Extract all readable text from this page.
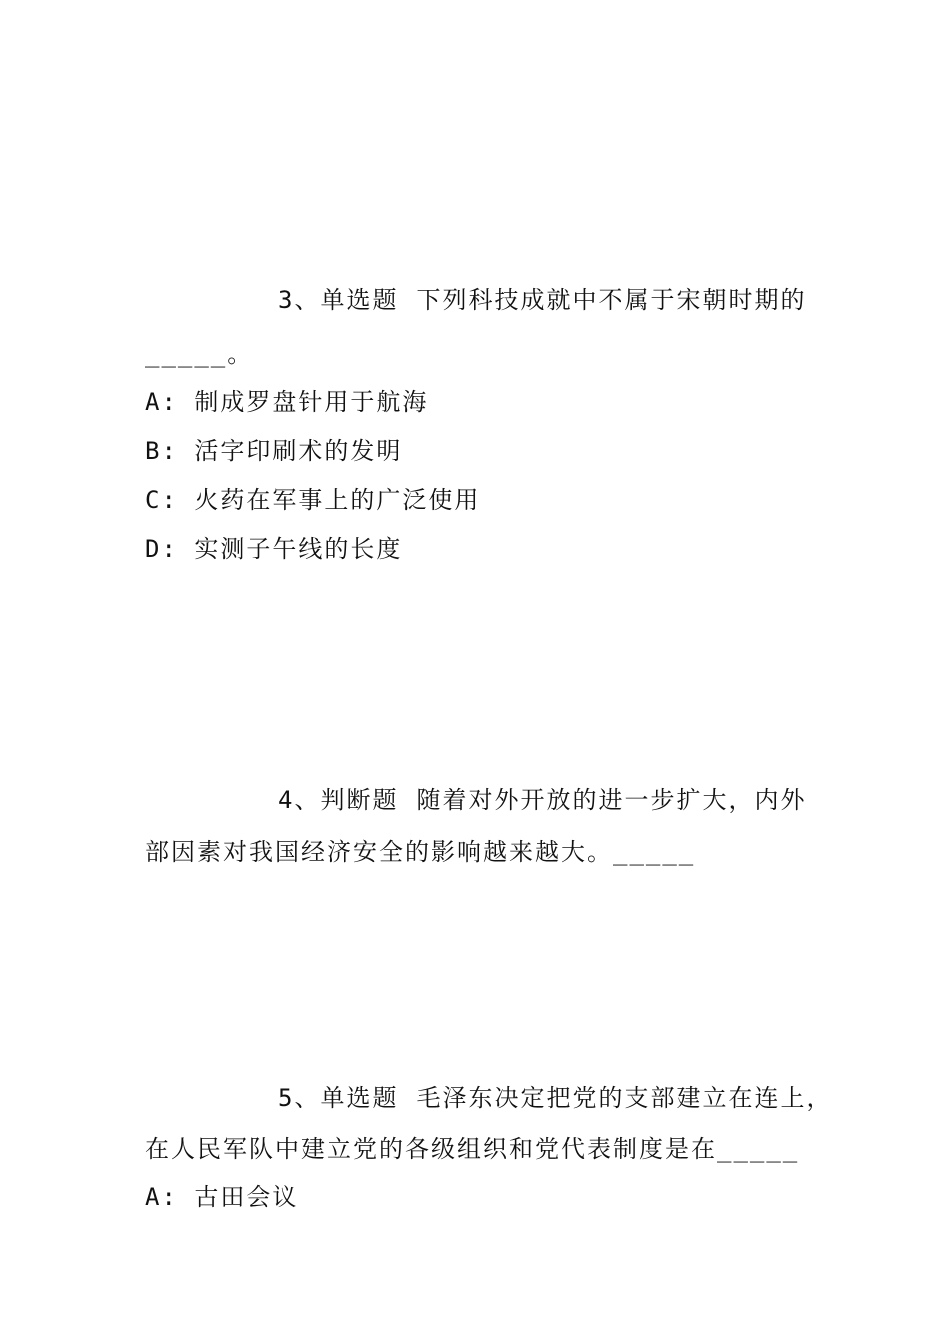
3、单选题 下列科技成就中不属于宋朝时期的
_____。
A: 制成罗盘针用于航海
B: 活字印刷术的发明
C: 火药在军事上的广泛使用
D: 实测子午线的长度
4、判断题 随着对外开放的进一步扩大，内外
部因素对我国经济安全的影响越来越大。_____
5、单选题 毛泽东决定把党的支部建立在连上，
在人民军队中建立党的各级组织和党代表制度是在_____
A: 古田会议
